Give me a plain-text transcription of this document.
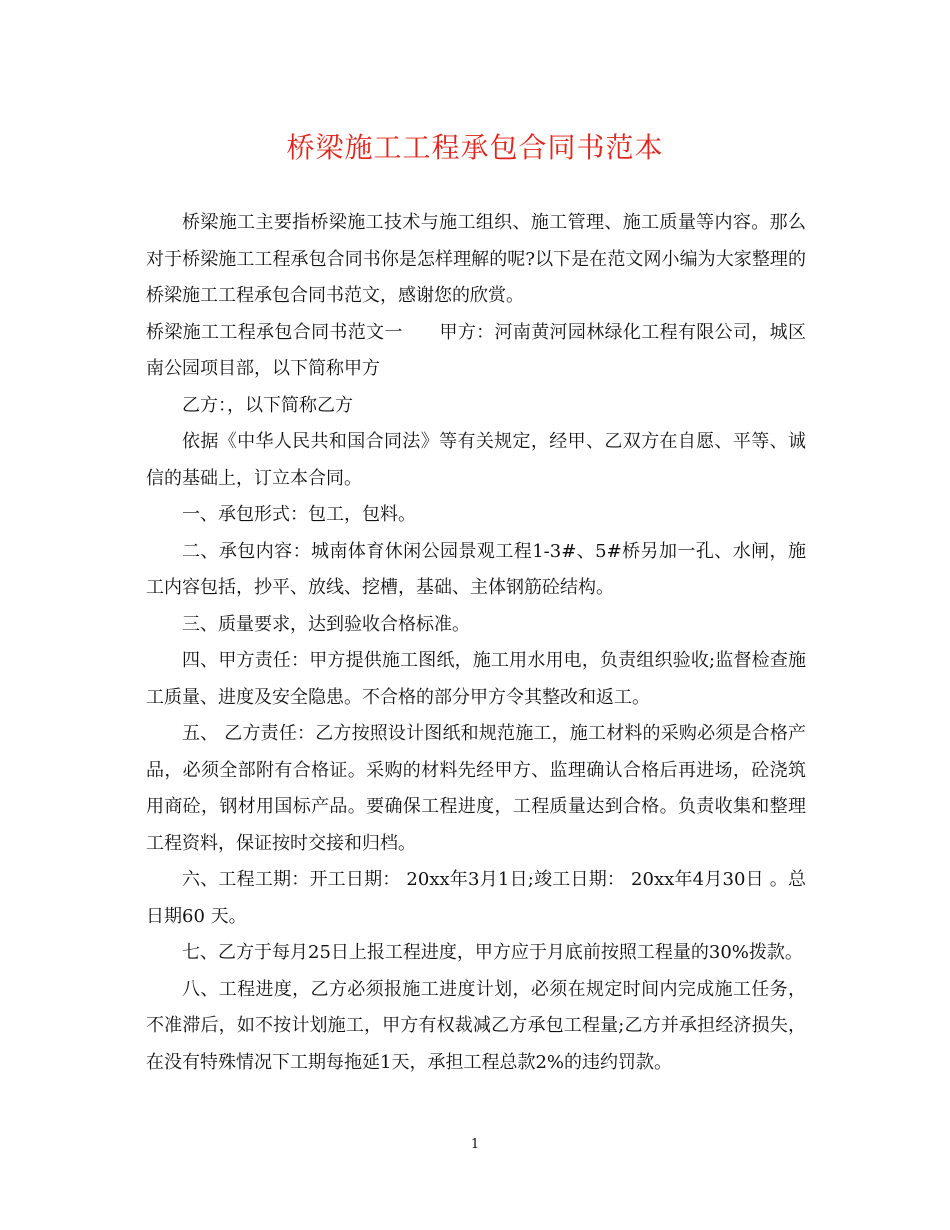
桥梁施工工程承包合同书范本

桥梁施工主要指桥梁施工技术与施工组织、施工管理、施工质量等内容。那么对于桥梁施工工程承包合同书你是怎样理解的呢?以下是在范文网小编为大家整理的桥梁施工工程承包合同书范文，感谢您的欣赏。

桥梁施工工程承包合同书范文一　　甲方：河南黄河园林绿化工程有限公司，城区南公园项目部，以下简称甲方

乙方：，以下简称乙方

依据《中华人民共和国合同法》等有关规定，经甲、乙双方在自愿、平等、诚信的基础上，订立本合同。

一、承包形式：包工，包料。

二、承包内容：城南体育休闲公园景观工程1-3#、5#桥另加一孔、水闸，施工内容包括，抄平、放线、挖槽，基础、主体钢筋砼结构。

三、质量要求，达到验收合格标准。

四、甲方责任：甲方提供施工图纸，施工用水用电，负责组织验收;监督检查施工质量、进度及安全隐患。不合格的部分甲方令其整改和返工。

五、 乙方责任：乙方按照设计图纸和规范施工，施工材料的采购必须是合格产品，必须全部附有合格证。采购的材料先经甲方、监理确认合格后再进场，砼浇筑用商砼，钢材用国标产品。要确保工程进度，工程质量达到合格。负责收集和整理工程资料，保证按时交接和归档。

六、工程工期：开工日期： 20xx年3月1日;竣工日期： 20xx年4月30日 。总日期60 天。

七、乙方于每月25日上报工程进度，甲方应于月底前按照工程量的30%拨款。

八、工程进度，乙方必须报施工进度计划，必须在规定时间内完成施工任务，不准滞后，如不按计划施工，甲方有权裁减乙方承包工程量;乙方并承担经济损失，在没有特殊情况下工期每拖延1天，承担工程总款2%的违约罚款。

1
